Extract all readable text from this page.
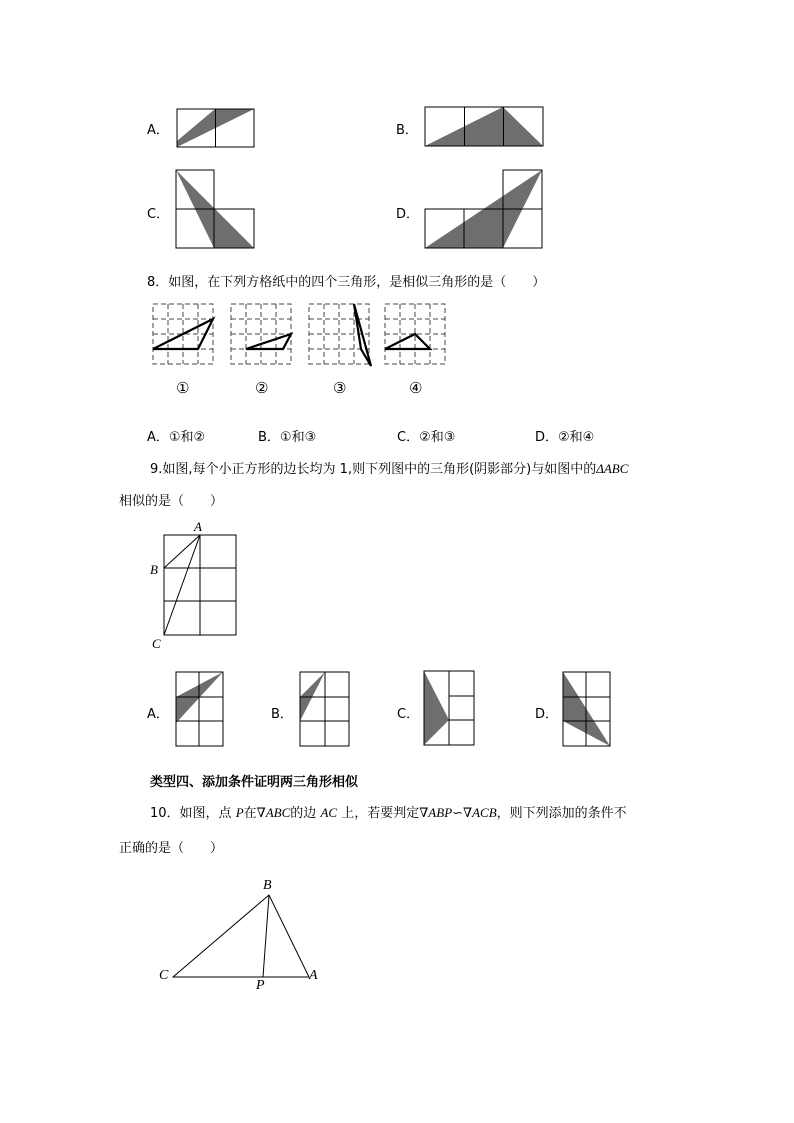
A．	B．
C．	D．
8．如图，在下列方格纸中的四个三角形，是相似三角形的是（　　）
①	②	③	④
A．①和②	B．①和③	C．②和③	D．②和④
9.如图,每个小正方形的边长均为 1,则下列图中的三角形(阴影部分)与如图中的ΔABC
相似的是（　　）
A
B
C
A．	B．	C．	D．
类型四、添加条件证明两三角形相似
10．如图，点 P在∇ABC的边 AC 上，若要判定∇ABP∽∇ACB，则下列添加的条件不
正确的是（　　）
B
C
P
A
